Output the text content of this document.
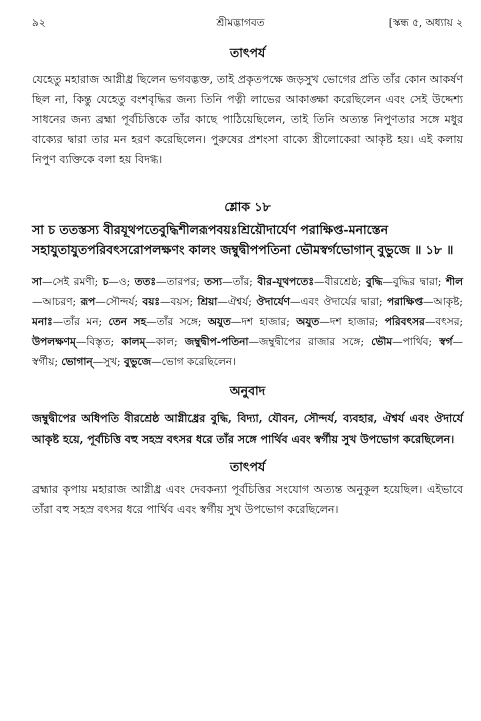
৯২	শ্রীমদ্ভাগবত	[স্কন্ধ ৫, অধ্যায় ২
তাৎপর্য

যেহেতু মহারাজ আগ্নীধ্র ছিলেন ভগবদ্ভক্ত, তাই প্রকৃতপক্ষে জড়সুখ ভোগের প্রতি তাঁর কোন আকর্ষণ ছিল না, কিন্তু যেহেতু বংশবৃদ্ধির জন্য তিনি পত্নী লাভের আকাঙ্ক্ষা করেছিলেন এবং সেই উদ্দেশ্য সাধনের জন্য ব্রহ্মা পূর্বচিত্তিকে তাঁর কাছে পাঠিয়েছিলেন, তাই তিনি অত্যন্ত নিপুণতার সঙ্গে মধুর বাক্যের দ্বারা তার মন হরণ করেছিলেন। পুরুষের প্রশংসা বাক্যে স্ত্রীলোকেরা আকৃষ্ট হয়। এই কলায় নিপুণ ব্যক্তিকে বলা হয় বিদগ্ধ।

শ্লোক ১৮

সা চ ততস্তস্য বীরযূথপতেবুদ্ধিশীলরূপবয়ঃশ্রিয়ৌদার্যেণ পরাক্ষিপ্ত-মনাস্তেন সহাযুতাযুতপরিবৎসরোপলক্ষণং কালং জম্বুদ্বীপপতিনা ভৌমস্বর্গভোগান্ বুভুজে ॥ ১৮ ॥

সা—সেই রমণী; চ—ও; ততঃ—তারপর; তস্য—তাঁর; বীর-যূথপতেঃ—বীরশ্রেষ্ঠ; বুদ্ধি—বুদ্ধির দ্বারা; শীল—আচরণ; রূপ—সৌন্দর্য; বয়ঃ—বয়স; শ্রিয়া—ঐশ্বর্য; ঔদার্যেণ—এবং ঔদার্যের দ্বারা; পরাক্ষিপ্ত—আকৃষ্ট; মনাঃ—তাঁর মন; তেন সহ—তাঁর সঙ্গে; অযুত—দশ হাজার; অযুত—দশ হাজার; পরিবৎসর—বৎসর; উপলক্ষণম্—বিস্তৃত; কালম্—কাল; জম্বুদ্বীপ-পতিনা—জম্বুদ্বীপের রাজার সঙ্গে; ভৌম—পার্থিব; স্বর্গ—স্বর্গীয়; ভোগান্—সুখ; বুভুজে—ভোগ করেছিলেন।

অনুবাদ

জম্বুদ্বীপের অধিপতি বীরশ্রেষ্ঠ আগ্নীধ্রের বুদ্ধি, বিদ্যা, যৌবন, সৌন্দর্য, ব্যবহার, ঐশ্বর্য এবং ঔদার্যে আকৃষ্ট হয়ে, পূর্বচিত্তি বহু সহস্র বৎসর ধরে তাঁর সঙ্গে পার্থিব এবং স্বর্গীয় সুখ উপভোগ করেছিলেন।

তাৎপর্য

ব্রহ্মার কৃপায় মহারাজ আগ্নীধ্র এবং দেবকন্যা পূর্বচিত্তির সংযোগ অত্যন্ত অনুকূল হয়েছিল। এইভাবে তাঁরা বহু সহস্র বৎসর ধরে পার্থিব এবং স্বর্গীয় সুখ উপভোগ করেছিলেন।
